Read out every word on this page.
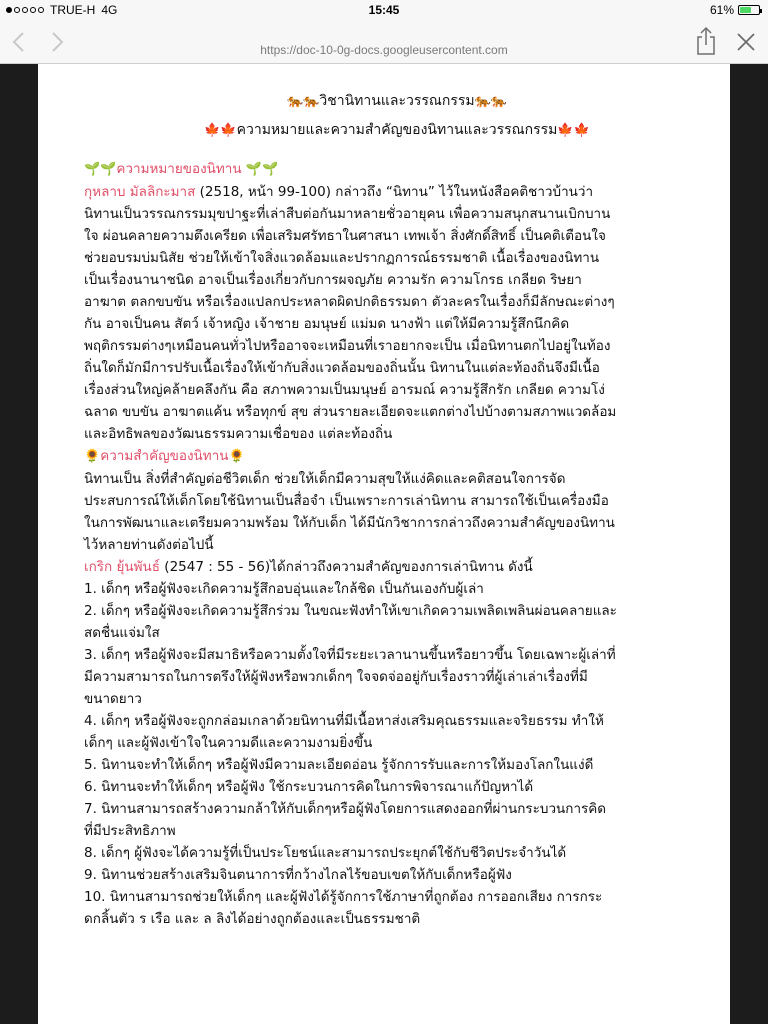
TRUE-H 4G	15:45	61%
https://doc-10-0g-docs.googleusercontent.com
🐅🐅วิชานิทานและวรรณกรรม🐅🐅
🍁🍁ความหมายและความสำคัญของนิทานและวรรณกรรม🍁🍁
🌱🌱ความหมายของนิทาน 🌱🌱
กุหลาบ มัลลิกะมาส (2518, หน้า 99-100) กล่าวถึง “นิทาน” ไว้ในหนังสือคติชาวบ้านว่า
นิทานเป็นวรรณกรรมมุขปาฐะที่เล่าสืบต่อกันมาหลายชั่วอายุคน เพื่อความสนุกสนานเบิกบาน
ใจ ผ่อนคลายความตึงเครียด เพื่อเสริมศรัทธาในศาสนา เทพเจ้า สิ่งศักดิ์สิทธิ์ เป็นคติเตือนใจ
ช่วยอบรมบ่มนิสัย ช่วยให้เข้าใจสิ่งแวดล้อมและปรากฏการณ์ธรรมชาติ เนื้อเรื่องของนิทาน
เป็นเรื่องนานาชนิด อาจเป็นเรื่องเกี่ยวกับการผจญภัย ความรัก ความโกรธ เกลียด ริษยา
อาฆาต ตลกขบขัน หรือเรื่องแปลกประหลาดผิดปกติธรรมดา ตัวละครในเรื่องก็มีลักษณะต่างๆ
กัน อาจเป็นคน สัตว์ เจ้าหญิง เจ้าชาย อมนุษย์ แม่มด นางฟ้า แต่ให้มีความรู้สึกนึกคิด
พฤติกรรมต่างๆเหมือนคนทั่วไปหรืออาจจะเหมือนที่เราอยากจะเป็น เมื่อนิทานตกไปอยู่ในท้อง
ถิ่นใดก็มักมีการปรับเนื้อเรื่องให้เข้ากับสิ่งแวดล้อมของถิ่นนั้น นิทานในแต่ละท้องถิ่นจึงมีเนื้อ
เรื่องส่วนใหญ่คล้ายคลึงกัน คือ สภาพความเป็นมนุษย์ อารมณ์ ความรู้สึกรัก เกลียด ความโง่
ฉลาด ขบขัน อาฆาตแค้น หรือทุกข์ สุข ส่วนรายละเอียดจะแตกต่างไปบ้างตามสภาพแวดล้อม
และอิทธิพลของวัฒนธรรมความเชื่อของ แต่ละท้องถิ่น
🌻ความสำคัญของนิทาน🌻
นิทานเป็น สิ่งที่สำคัญต่อชีวิตเด็ก ช่วยให้เด็กมีความสุขให้แง่คิดและคติสอนใจการจัด
ประสบการณ์ให้เด็กโดยใช้นิทานเป็นสื่อจำ เป็นเพราะการเล่านิทาน สามารถใช้เป็นเครื่องมือ
ในการพัฒนาและเตรียมความพร้อม ให้กับเด็ก ได้มีนักวิชาการกล่าวถึงความสำคัญของนิทาน
ไว้หลายท่านดังต่อไปนี้
เกริก ยุ้นพันธ์ (2547 : 55 - 56)ได้กล่าวถึงความสำคัญของการเล่านิทาน ดังนี้
1. เด็กๆ หรือผู้ฟังจะเกิดความรู้สึกอบอุ่นและใกล้ชิด เป็นกันเองกับผู้เล่า
2. เด็กๆ หรือผู้ฟังจะเกิดความรู้สึกร่วม ในขณะฟังทำให้เขาเกิดความเพลิดเพลินผ่อนคลายและ
สดชื่นแจ่มใส
3. เด็กๆ หรือผู้ฟังจะมีสมาธิหรือความตั้งใจที่มีระยะเวลานานขึ้นหรือยาวขึ้น โดยเฉพาะผู้เล่าที่
มีความสามารถในการตรึงให้ผู้ฟังหรือพวกเด็กๆ ใจจดจ่ออยู่กับเรื่องราวที่ผู้เล่าเล่าเรื่องที่มี
ขนาดยาว
4. เด็กๆ หรือผู้ฟังจะถูกกล่อมเกลาด้วยนิทานที่มีเนื้อหาส่งเสริมคุณธรรมและจริยธรรม ทำให้
เด็กๆ และผู้ฟังเข้าใจในความดีและความงามยิ่งขึ้น
5. นิทานจะทำให้เด็กๆ หรือผู้ฟังมีความละเอียดอ่อน รู้จักการรับและการให้มองโลกในแง่ดี
6. นิทานจะทำให้เด็กๆ หรือผู้ฟัง ใช้กระบวนการคิดในการพิจารณาแก้ปัญหาได้
7. นิทานสามารถสร้างความกล้าให้กับเด็กๆหรือผู้ฟังโดยการแสดงออกที่ผ่านกระบวนการคิด
ที่มีประสิทธิภาพ
8. เด็กๆ ผู้ฟังจะได้ความรู้ที่เป็นประโยชน์และสามารถประยุกต์ใช้กับชีวิตประจำวันได้
9. นิทานช่วยสร้างเสริมจินตนาการที่กว้างไกลไร้ขอบเขตให้กับเด็กหรือผู้ฟัง
10. นิทานสามารถช่วยให้เด็กๆ และผู้ฟังได้รู้จักการใช้ภาษาที่ถูกต้อง การออกเสียง การกระ
ดกลิ้นตัว ร เรือ และ ล ลิงได้อย่างถูกต้องและเป็นธรรมชาติ
